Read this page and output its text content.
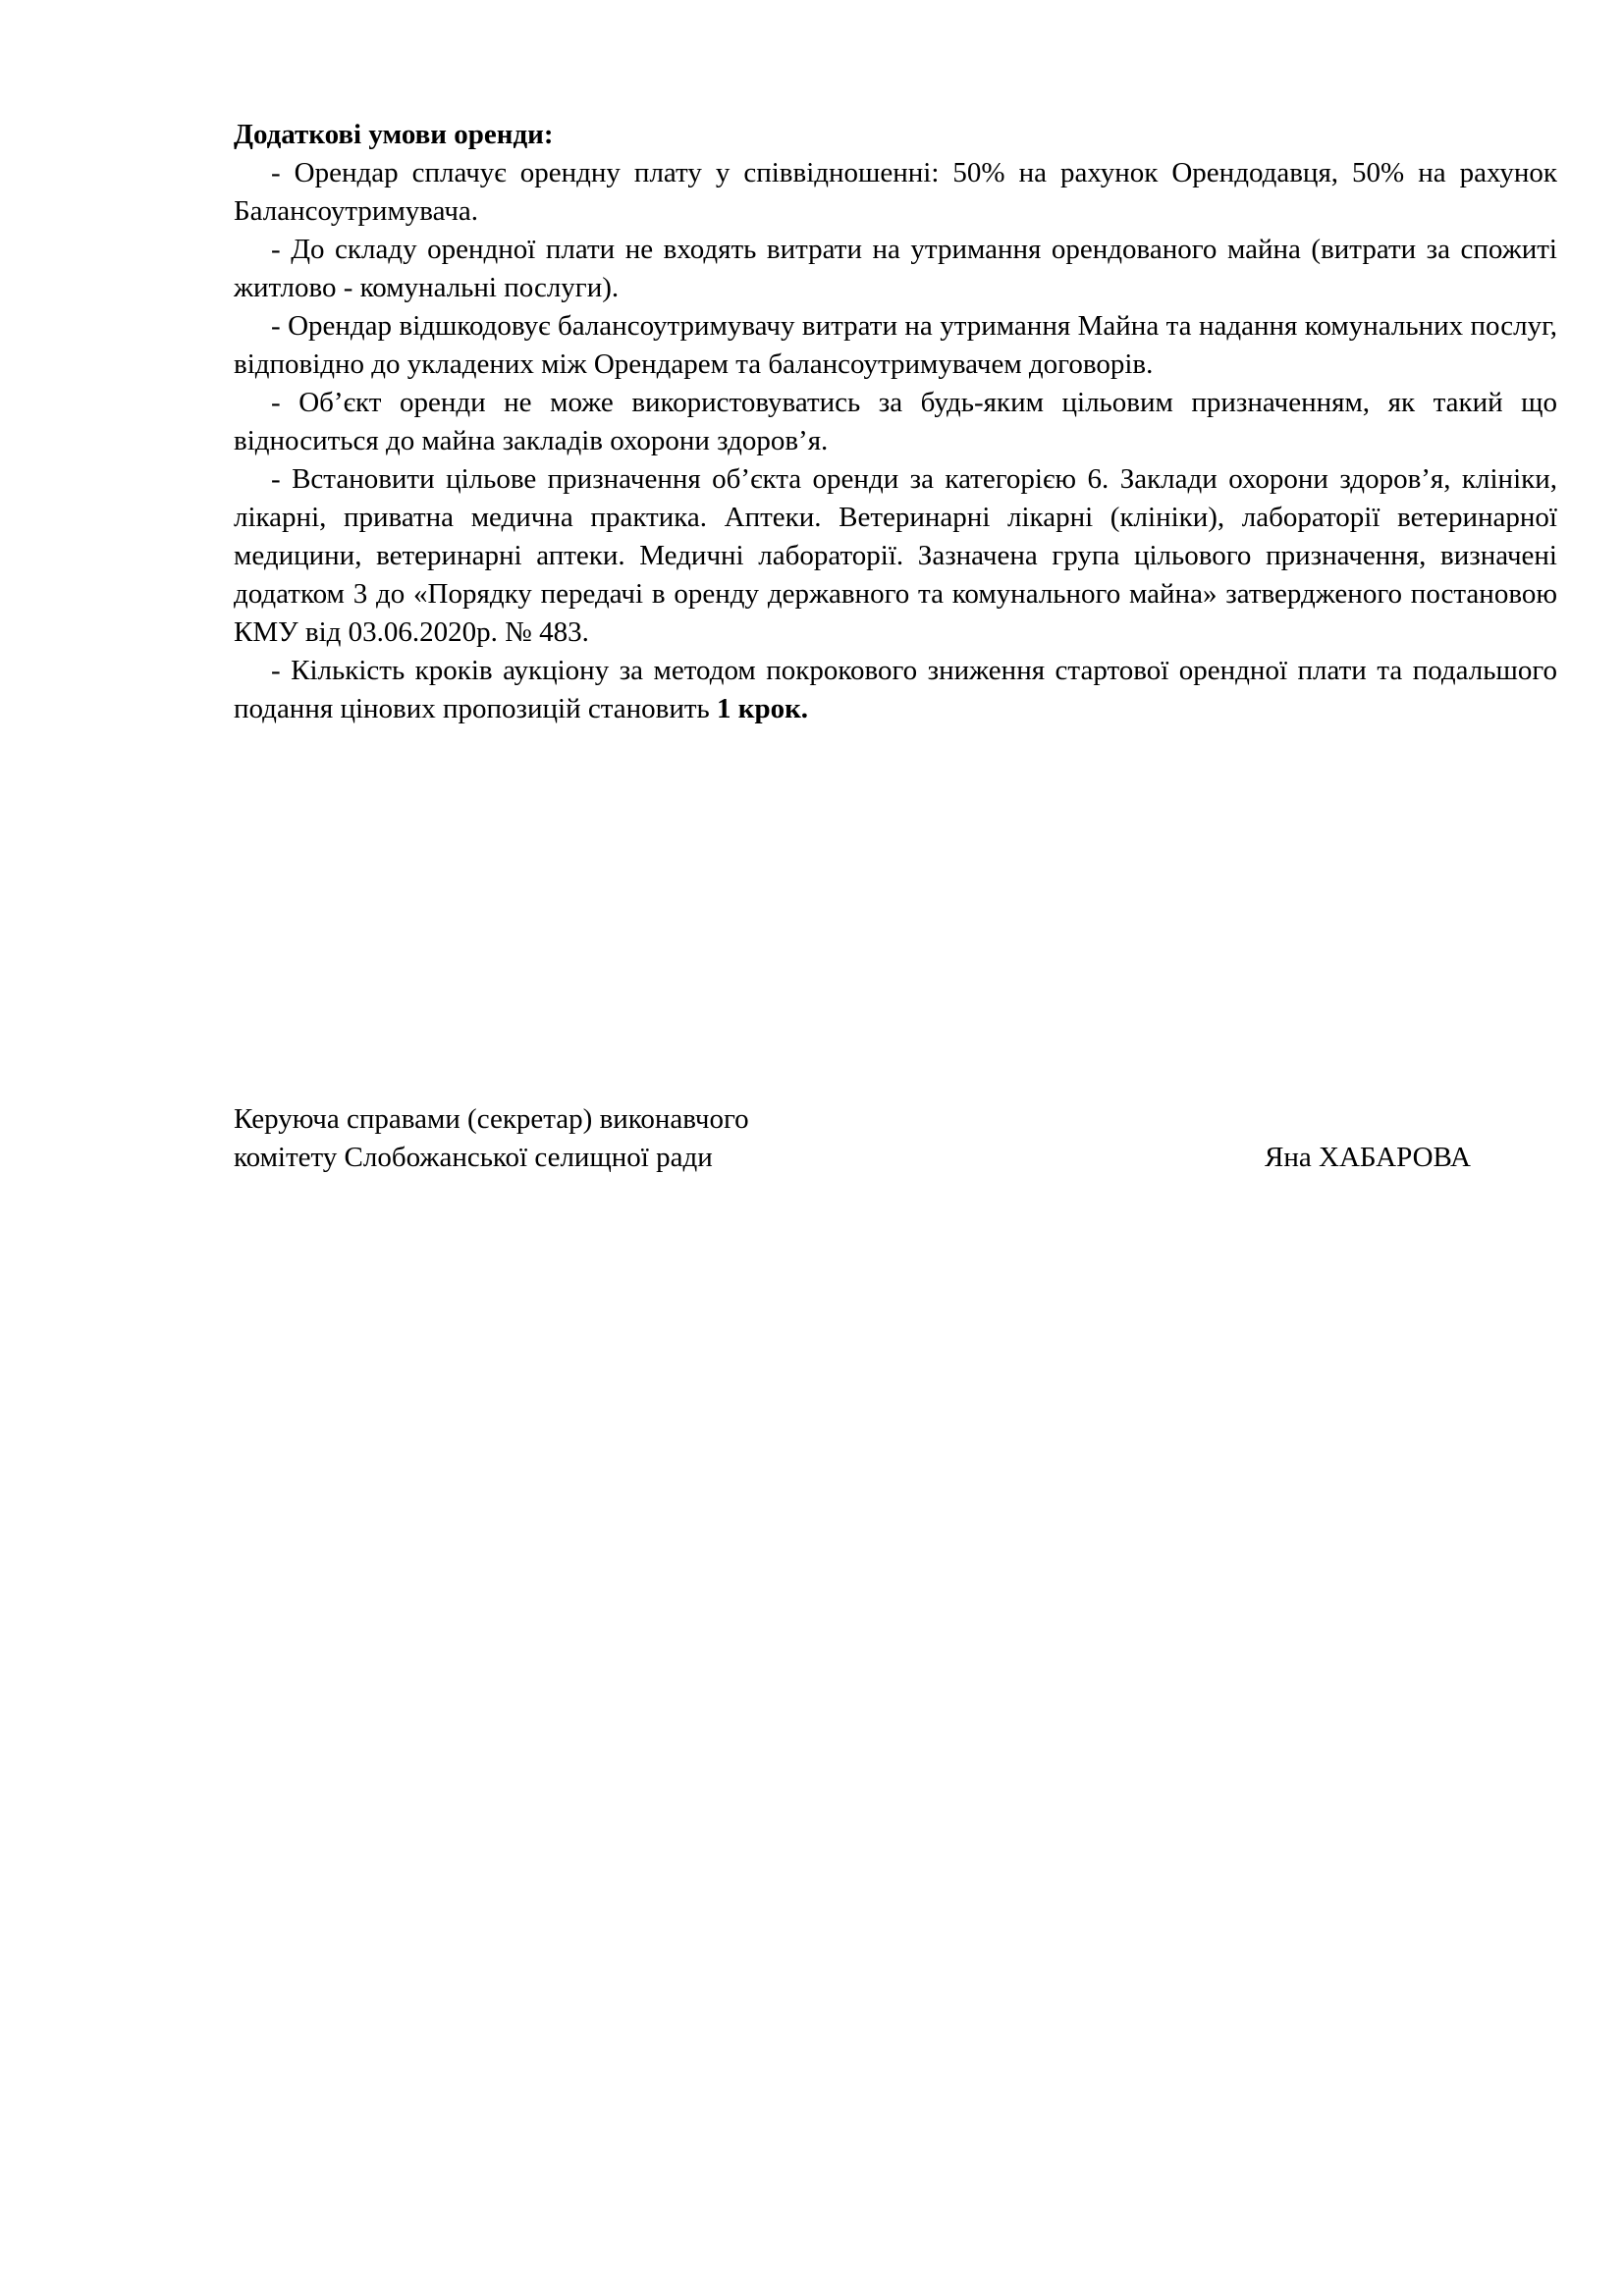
Додаткові умови оренди:

- Орендар сплачує орендну плату у співвідношенні: 50% на рахунок Орендодавця, 50% на рахунок Балансоутримувача.

- До складу орендної плати не входять витрати на утримання орендованого майна (витрати за спожиті житлово - комунальні послуги).

- Орендар відшкодовує балансоутримувачу витрати на утримання Майна та надання комунальних послуг, відповідно до укладених між Орендарем та балансоутримувачем договорів.

- Об’єкт оренди не може використовуватись за будь-яким цільовим призначенням, як такий що відноситься до майна закладів охорони здоров’я.

- Встановити цільове призначення об’єкта оренди за категорією 6. Заклади охорони здоров’я, клініки, лікарні, приватна медична практика. Аптеки. Ветеринарні лікарні (клініки), лабораторії ветеринарної медицини, ветеринарні аптеки. Медичні лабораторії. Зазначена група цільового призначення, визначені додатком 3 до «Порядку передачі в оренду державного та комунального майна» затвердженого постановою КМУ від 03.06.2020р. № 483.

- Кількість кроків аукціону за методом покрокового зниження стартової орендної плати та подальшого подання цінових пропозицій становить 1 крок.

Керуюча справами (секретар) виконавчого

комітету Слобожанської селищної ради	Яна ХАБАРОВА
